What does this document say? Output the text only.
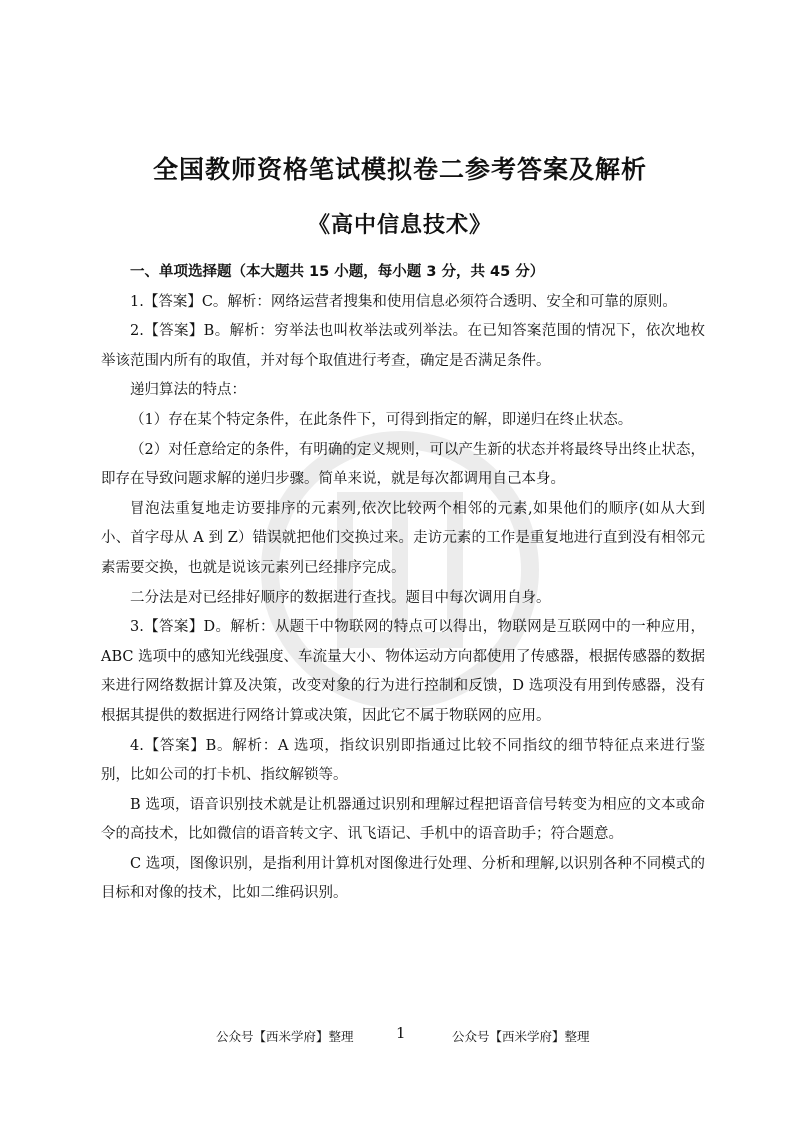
全国教师资格笔试模拟卷二参考答案及解析
《高中信息技术》

一、单项选择题（本大题共 15 小题，每小题 3 分，共 45 分）

1.【答案】C。解析：网络运营者搜集和使用信息必须符合透明、安全和可靠的原则。

2.【答案】B。解析：穷举法也叫枚举法或列举法。在已知答案范围的情况下，依次地枚举该范围内所有的取值，并对每个取值进行考查，确定是否满足条件。

递归算法的特点：

（1）存在某个特定条件，在此条件下，可得到指定的解，即递归在终止状态。

（2）对任意给定的条件，有明确的定义规则，可以产生新的状态并将最终导出终止状态，即存在导致问题求解的递归步骤。简单来说，就是每次都调用自己本身。

冒泡法重复地走访要排序的元素列,依次比较两个相邻的元素,如果他们的顺序(如从大到小、首字母从 A 到 Z）错误就把他们交换过来。走访元素的工作是重复地进行直到没有相邻元素需要交换，也就是说该元素列已经排序完成。

二分法是对已经排好顺序的数据进行查找。题目中每次调用自身。

3.【答案】D。解析：从题干中物联网的特点可以得出，物联网是互联网中的一种应用，ABC 选项中的感知光线强度、车流量大小、物体运动方向都使用了传感器，根据传感器的数据来进行网络数据计算及决策，改变对象的行为进行控制和反馈，D 选项没有用到传感器，没有根据其提供的数据进行网络计算或决策，因此它不属于物联网的应用。

4.【答案】B。解析：A 选项，指纹识别即指通过比较不同指纹的细节特征点来进行鉴别，比如公司的打卡机、指纹解锁等。

B 选项，语音识别技术就是让机器通过识别和理解过程把语音信号转变为相应的文本或命令的高技术，比如微信的语音转文字、讯飞语记、手机中的语音助手；符合题意。

C 选项，图像识别，是指利用计算机对图像进行处理、分析和理解,以识别各种不同模式的目标和对像的技术，比如二维码识别。

公众号【西米学府】整理	1	公众号【西米学府】整理
